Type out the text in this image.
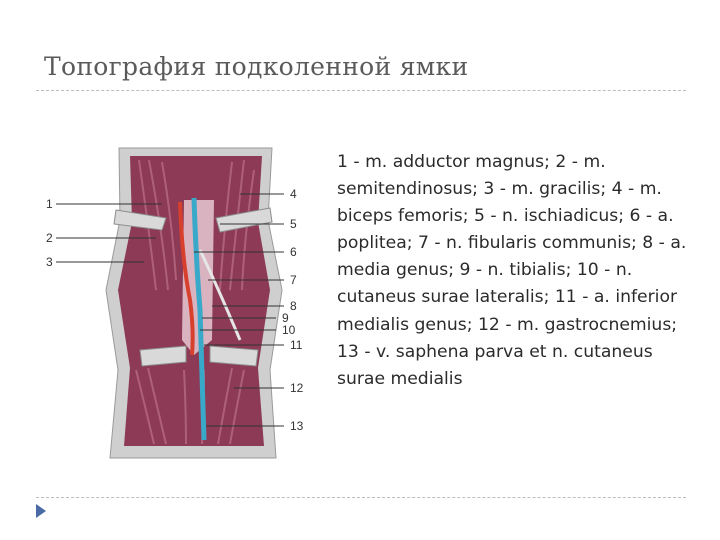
Топография подколенной ямки
1
2
3
4
5
6
7
8
9
10
11
12
13

1 - m. adductor magnus; 2 - m. semitendinosus; 3 - m. gracilis; 4 - m. biceps femoris; 5 - n. ischiadicus; 6 - a. poplitea; 7 - n. fibularis communis; 8 - a. media genus; 9 - n. tibialis; 10 - n. cutaneus surae lateralis; 11 - a. inferior medialis genus; 12 - m. gastrocnemius; 13 - v. saphena parva et n. cutaneus surae medialis
